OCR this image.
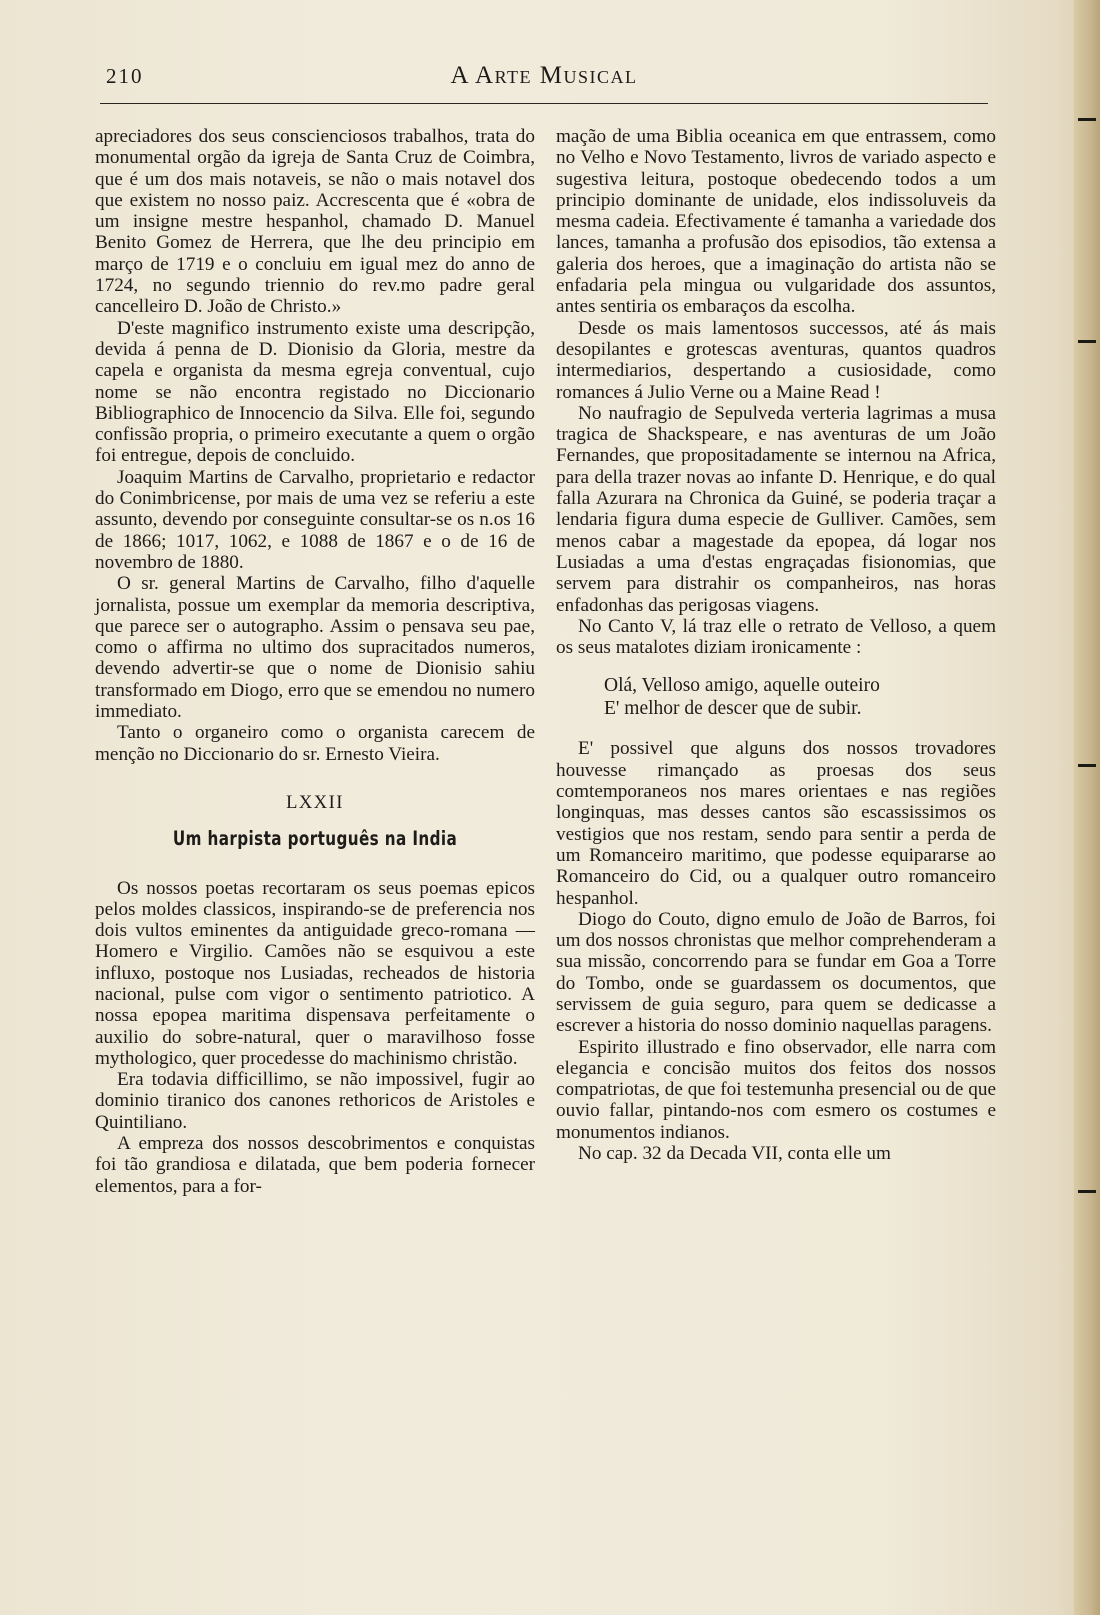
210	A Arte Musical

apreciadores dos seus conscienciosos trabalhos, trata do monumental orgão da igreja de Santa Cruz de Coimbra, que é um dos mais notaveis, se não o mais notavel dos que existem no nosso paiz. Accrescenta que é «obra de um insigne mestre hespanhol, chamado D. Manuel Benito Gomez de Herrera, que lhe deu principio em março de 1719 e o concluiu em igual mez do anno de 1724, no segundo triennio do rev.mo padre geral cancelleiro D. João de Christo.»

D'este magnifico instrumento existe uma descripção, devida á penna de D. Dionisio da Gloria, mestre da capela e organista da mesma egreja conventual, cujo nome se não encontra registado no Diccionario Bibliographico de Innocencio da Silva. Elle foi, segundo confissão propria, o primeiro executante a quem o orgão foi entregue, depois de concluido.

Joaquim Martins de Carvalho, proprietario e redactor do Conimbricense, por mais de uma vez se referiu a este assunto, devendo por conseguinte consultar-se os n.os 16 de 1866; 1017, 1062, e 1088 de 1867 e o de 16 de novembro de 1880.

O sr. general Martins de Carvalho, filho d'aquelle jornalista, possue um exemplar da memoria descriptiva, que parece ser o autographo. Assim o pensava seu pae, como o affirma no ultimo dos supracitados numeros, devendo advertir-se que o nome de Dionisio sahiu transformado em Diogo, erro que se emendou no numero immediato.

Tanto o organeiro como o organista carecem de menção no Diccionario do sr. Ernesto Vieira.

LXXII
Um harpista português na India

Os nossos poetas recortaram os seus poemas epicos pelos moldes classicos, inspirando-se de preferencia nos dois vultos eminentes da antiguidade greco-romana — Homero e Virgilio. Camões não se esquivou a este influxo, postoque nos Lusiadas, recheados de historia nacional, pulse com vigor o sentimento patriotico. A nossa epopea maritima dispensava perfeitamente o auxilio do sobre-natural, quer o maravilhoso fosse mythologico, quer procedesse do machinismo christão.

Era todavia difficillimo, se não impossivel, fugir ao dominio tiranico dos canones rethoricos de Aristoles e Quintiliano.

A empreza dos nossos descobrimentos e conquistas foi tão grandiosa e dilatada, que bem poderia fornecer elementos, para a for-

mação de uma Biblia oceanica em que entrassem, como no Velho e Novo Testamento, livros de variado aspecto e sugestiva leitura, postoque obedecendo todos a um principio dominante de unidade, elos indissoluveis da mesma cadeia. Efectivamente é tamanha a variedade dos lances, tamanha a profusão dos episodios, tão extensa a galeria dos heroes, que a imaginação do artista não se enfadaria pela mingua ou vulgaridade dos assuntos, antes sentiria os embaraços da escolha.

Desde os mais lamentosos successos, até ás mais desopilantes e grotescas aventuras, quantos quadros intermediarios, despertando a cusiosidade, como romances á Julio Verne ou a Maine Read !

No naufragio de Sepulveda verteria lagrimas a musa tragica de Shackspeare, e nas aventuras de um João Fernandes, que propositadamente se internou na Africa, para della trazer novas ao infante D. Henrique, e do qual falla Azurara na Chronica da Guiné, se poderia traçar a lendaria figura duma especie de Gulliver. Camões, sem menos cabar a magestade da epopea, dá logar nos Lusiadas a uma d'estas engraçadas fisionomias, que servem para distrahir os companheiros, nas horas enfadonhas das perigosas viagens.

No Canto V, lá traz elle o retrato de Velloso, a quem os seus matalotes diziam ironicamente :

Olá, Velloso amigo, aquelle outeiro
E' melhor de descer que de subir.

E' possivel que alguns dos nossos trovadores houvesse rimançado as proesas dos seus comtemporaneos nos mares orientaes e nas regiões longinquas, mas desses cantos são escassissimos os vestigios que nos restam, sendo para sentir a perda de um Romanceiro maritimo, que podesse equipararse ao Romanceiro do Cid, ou a qualquer outro romanceiro hespanhol.

Diogo do Couto, digno emulo de João de Barros, foi um dos nossos chronistas que melhor comprehenderam a sua missão, concorrendo para se fundar em Goa a Torre do Tombo, onde se guardassem os documentos, que servissem de guia seguro, para quem se dedicasse a escrever a historia do nosso dominio naquellas paragens.

Espirito illustrado e fino observador, elle narra com elegancia e concisão muitos dos feitos dos nossos compatriotas, de que foi testemunha presencial ou de que ouvio fallar, pintando-nos com esmero os costumes e monumentos indianos.

No cap. 32 da Decada VII, conta elle um
